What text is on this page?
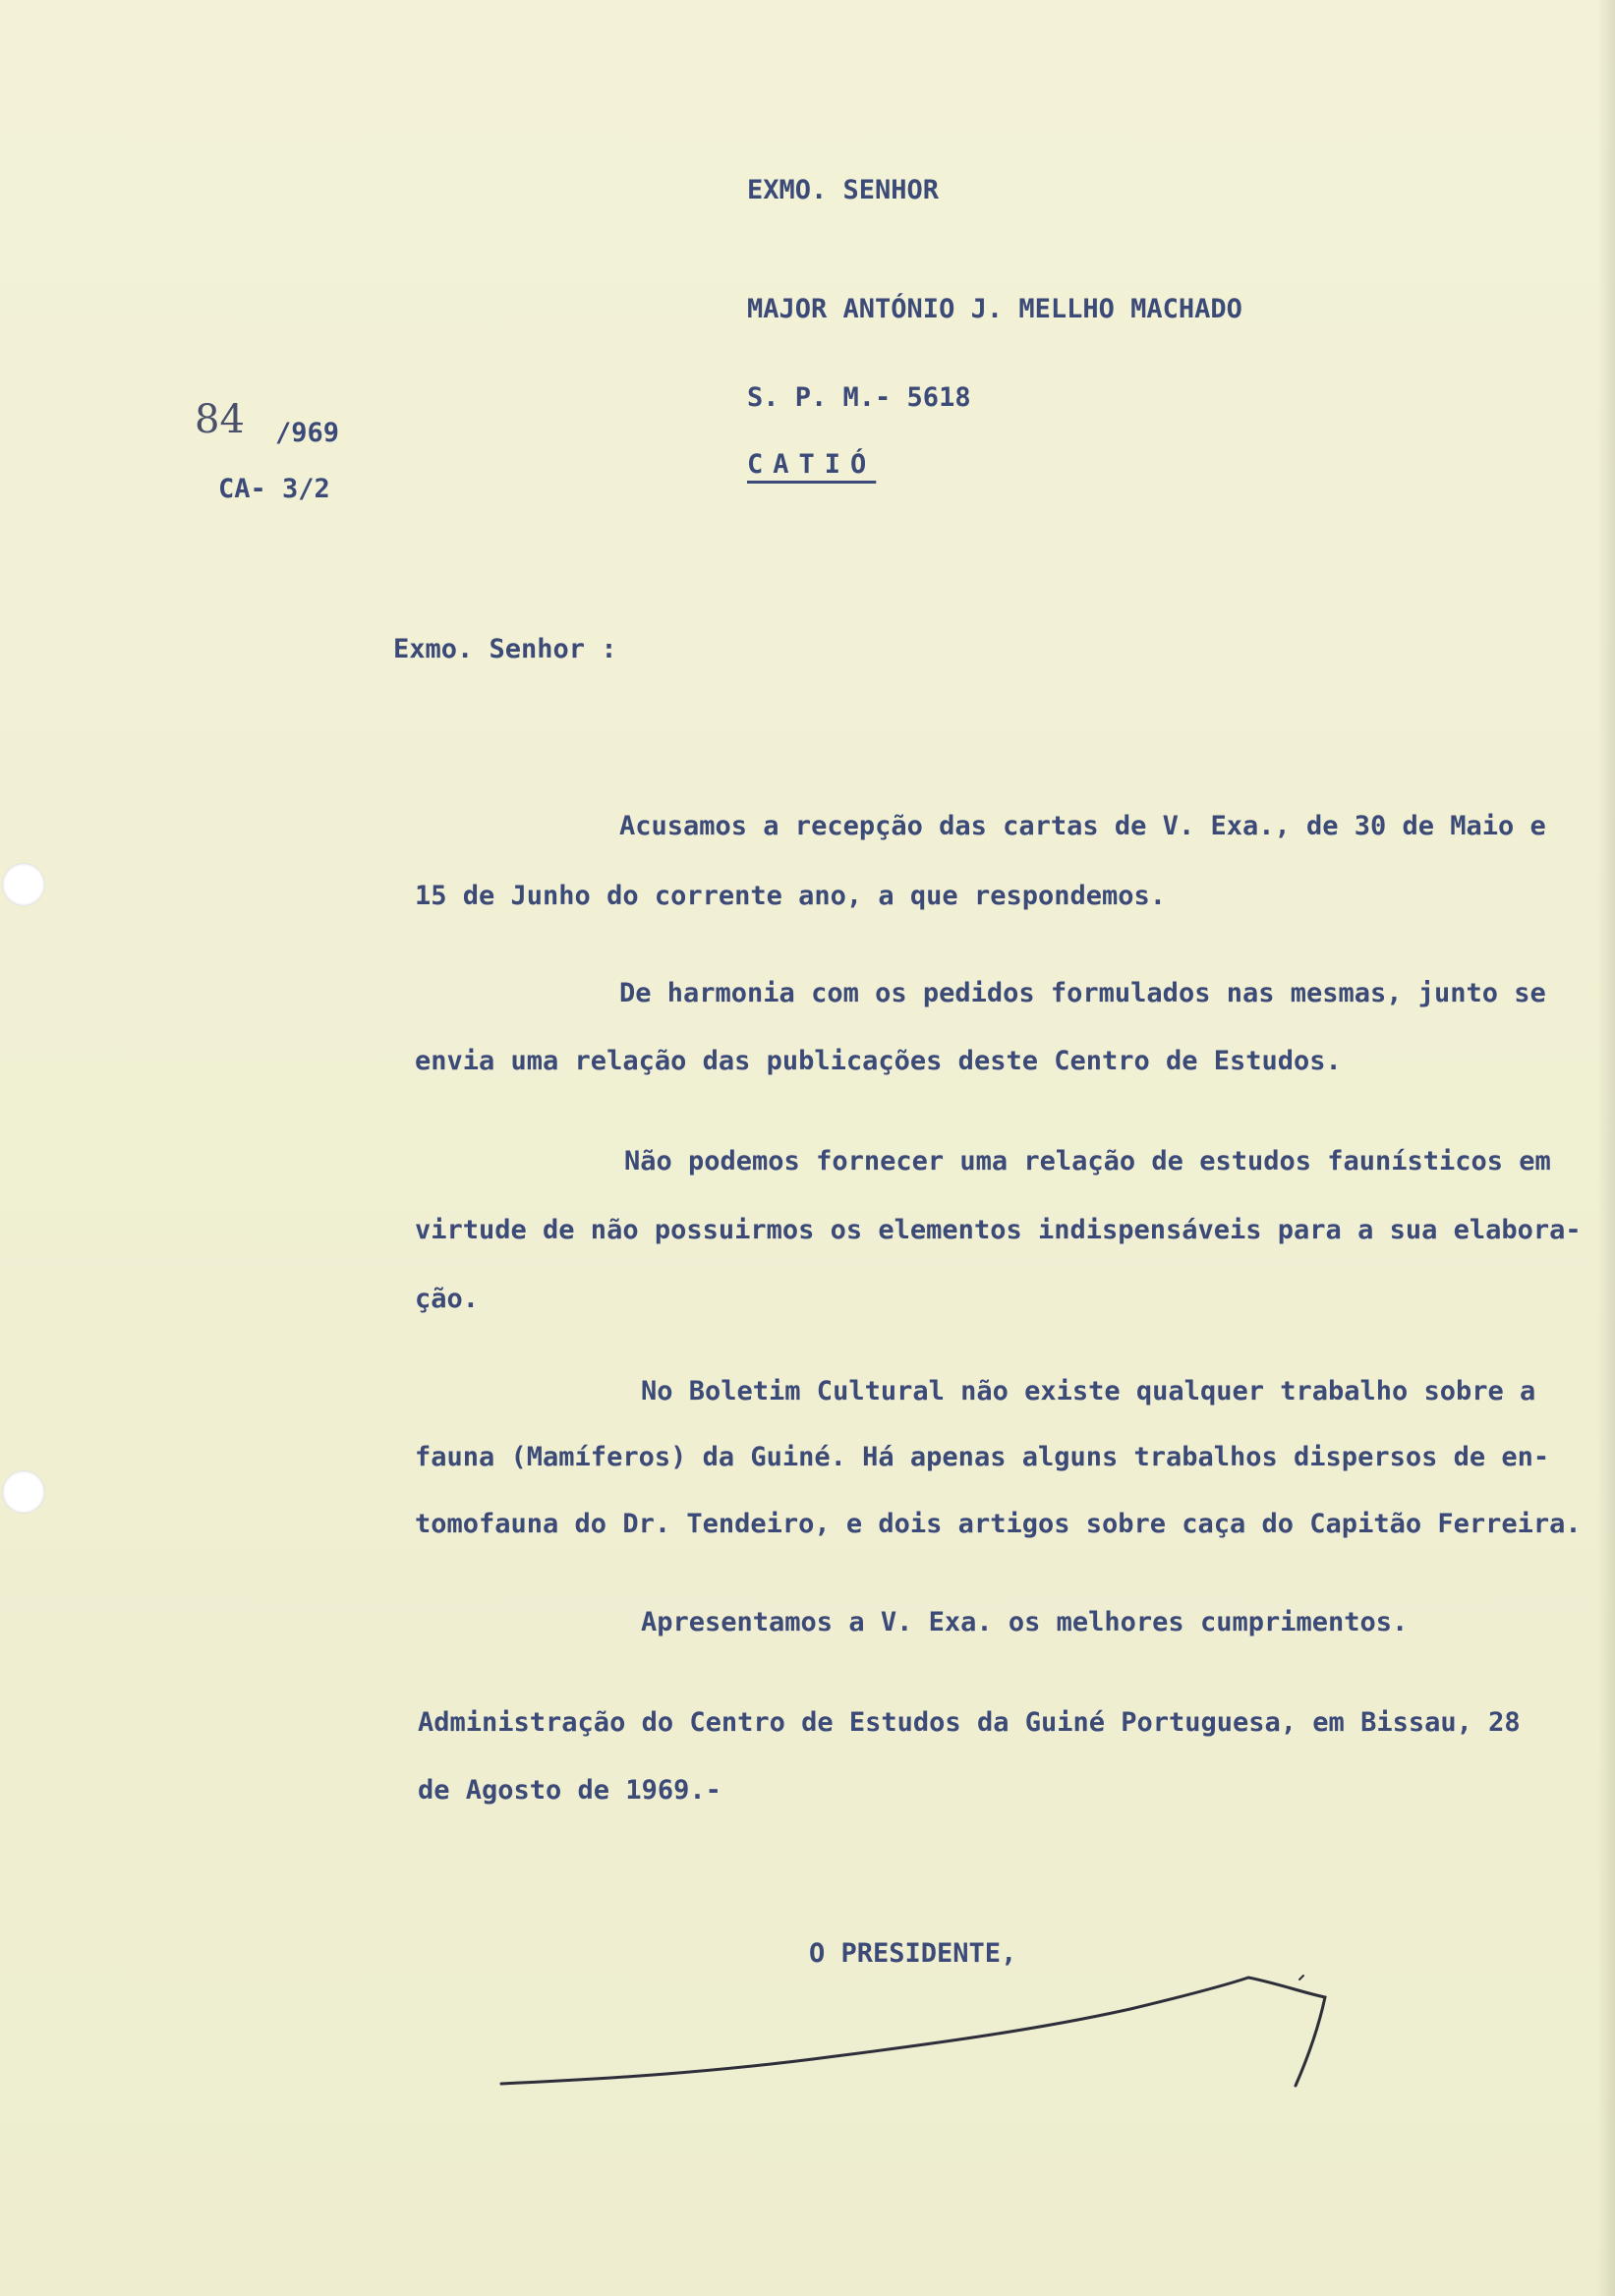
EXMO. SENHOR

MAJOR ANTÓNIO J. MELLHO MACHADO

S. P. M.- 5618

CATIÓ

84 /969

CA- 3/2

Exmo. Senhor :

Acusamos a recepção das cartas de V. Exa., de 30 de Maio e

15 de Junho do corrente ano, a que respondemos.

De harmonia com os pedidos formulados nas mesmas, junto se

envia uma relação das publicações deste Centro de Estudos.

Não podemos fornecer uma relação de estudos faunísticos em

virtude de não possuirmos os elementos indispensáveis para a sua elabora-

ção.

No Boletim Cultural não existe qualquer trabalho sobre a

fauna (Mamíferos) da Guiné. Há apenas alguns trabalhos dispersos de en-

tomofauna do Dr. Tendeiro, e dois artigos sobre caça do Capitão Ferreira.

Apresentamos a V. Exa. os melhores cumprimentos.

Administração do Centro de Estudos da Guiné Portuguesa, em Bissau, 28

de Agosto de 1969.-

O PRESIDENTE,
